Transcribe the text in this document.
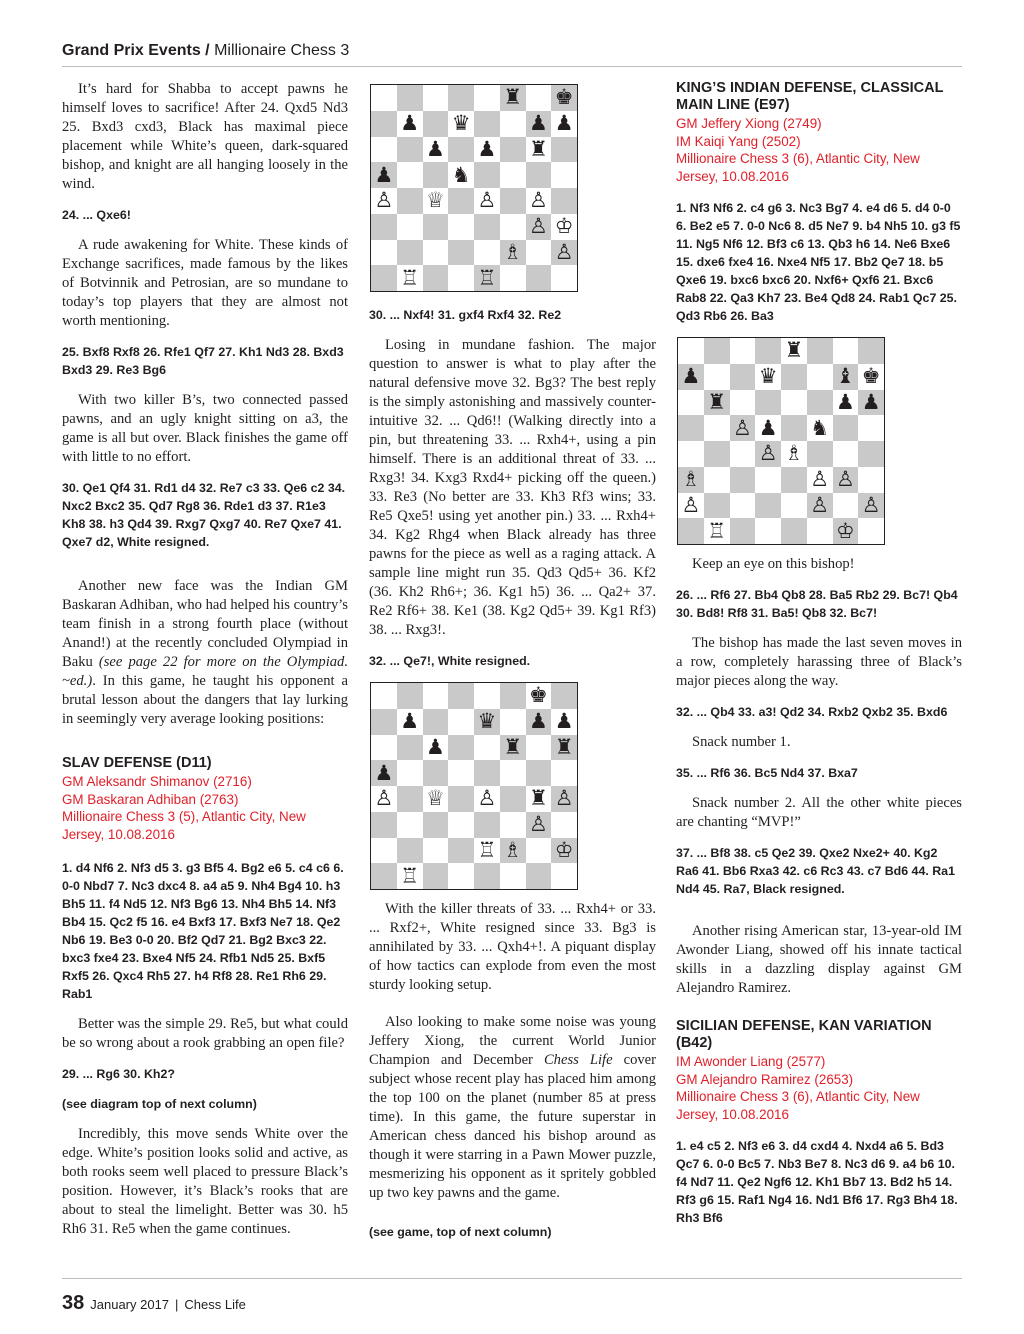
Grand Prix Events / Millionaire Chess 3

It’s hard for Shabba to accept pawns he himself loves to sacrifice! After 24. Qxd5 Nd3 25. Bxd3 cxd3, Black has maximal piece placement while White’s queen, dark-squared bishop, and knight are all hanging loosely in the wind.

24. ... Qxe6!

A rude awakening for White. These kinds of Exchange sacrifices, made famous by the likes of Botvinnik and Petrosian, are so mundane to today’s top players that they are almost not worth mentioning.

25. Bxf8 Rxf8 26. Rfe1 Qf7 27. Kh1 Nd3 28. Bxd3 Bxd3 29. Re3 Bg6

With two killer B’s, two connected passed pawns, and an ugly knight sitting on a3, the game is all but over. Black finishes the game off with little to no effort.

30. Qe1 Qf4 31. Rd1 d4 32. Re7 c3 33. Qe6 c2 34. Nxc2 Bxc2 35. Qd7 Rg8 36. Rde1 d3 37. R1e3 Kh8 38. h3 Qd4 39. Rxg7 Qxg7 40. Re7 Qxe7 41. Qxe7 d2, White resigned.

Another new face was the Indian GM Baskaran Adhiban, who had helped his country’s team finish in a strong fourth place (without Anand!) at the recently concluded Olympiad in Baku (see page 22 for more on the Olympiad. ~ed.). In this game, he taught his opponent a brutal lesson about the dangers that lay lurking in seemingly very average looking positions:

SLAV DEFENSE (D11)

GM Aleksandr Shimanov (2716)
GM Baskaran Adhiban (2763)
Millionaire Chess 3 (5), Atlantic City, New Jersey, 10.08.2016

1. d4 Nf6 2. Nf3 d5 3. g3 Bf5 4. Bg2 e6 5. c4 c6 6. 0-0 Nbd7 7. Nc3 dxc4 8. a4 a5 9. Nh4 Bg4 10. h3 Bh5 11. f4 Nd5 12. Nf3 Bg6 13. Nh4 Bh5 14. Nf3 Bb4 15. Qc2 f5 16. e4 Bxf3 17. Bxf3 Ne7 18. Qe2 Nb6 19. Be3 0-0 20. Bf2 Qd7 21. Bg2 Bxc3 22. bxc3 fxe4 23. Bxe4 Nf5 24. Rfb1 Nd5 25. Bxf5 Rxf5 26. Qxc4 Rh5 27. h4 Rf8 28. Re1 Rh6 29. Rab1

Better was the simple 29. Re5, but what could be so wrong about a rook grabbing an open file?

29. ... Rg6 30. Kh2?

(see diagram top of next column)

Incredibly, this move sends White over the edge. White’s position looks solid and active, as both rooks seem well placed to pressure Black’s position. However, it’s Black’s rooks that are about to steal the limelight. Better was 30. h5 Rh6 31. Re5 when the game continues.

♜ ♚
♟ ♛	♟ ♟
♟ ♟ ♜
♟	♞
♙ ♕ ♙ ♙
♙ ♔
♗ ♙
♖	♖

30. ... Nxf4! 31. gxf4 Rxf4 32. Re2

Losing in mundane fashion. The major question to answer is what to play after the natural defensive move 32. Bg3? The best reply is the simply astonishing and massively counter-intuitive 32. ... Qd6!! (Walking directly into a pin, but threatening 33. ... Rxh4+, using a pin himself. There is an additional threat of 33. ... Rxg3! 34. Kxg3 Rxd4+ picking off the queen.) 33. Re3 (No better are 33. Kh3 Rf3 wins; 33. Re5 Qxe5! using yet another pin.) 33. ... Rxh4+ 34. Kg2 Rhg4 when Black already has three pawns for the piece as well as a raging attack. A sample line might run 35. Qd3 Qd5+ 36. Kf2 (36. Kh2 Rh6+; 36. Kg1 h5) 36. ... Qa2+ 37. Re2 Rf6+ 38. Ke1 (38. Kg2 Qd5+ 39. Kg1 Rf3) 38. ... Rxg3!.

32. ... Qe7!, White resigned.

♚
♟	♛ ♟ ♟
♟	♜ ♜
♟
♙ ♕ ♙ ♜ ♙
♙
♖ ♗ ♔
♖

With the killer threats of 33. ... Rxh4+ or 33. ... Rxf2+, White resigned since 33. Bg3 is annihilated by 33. ... Qxh4+!. A piquant display of how tactics can explode from even the most sturdy looking setup.

Also looking to make some noise was young Jeffery Xiong, the current World Junior Champion and December Chess Life cover subject whose recent play has placed him among the top 100 on the planet (number 85 at press time). In this game, the future superstar in American chess danced his bishop around as though it were starring in a Pawn Mower puzzle, mesmerizing his opponent as it spritely gobbled up two key pawns and the game.

(see game, top of next column)

KING’S INDIAN DEFENSE, CLASSICAL MAIN LINE (E97)

GM Jeffery Xiong (2749)
IM Kaiqi Yang (2502)
Millionaire Chess 3 (6), Atlantic City, New Jersey, 10.08.2016

1. Nf3 Nf6 2. c4 g6 3. Nc3 Bg7 4. e4 d6 5. d4 0-0 6. Be2 e5 7. 0-0 Nc6 8. d5 Ne7 9. b4 Nh5 10. g3 f5 11. Ng5 Nf6 12. Bf3 c6 13. Qb3 h6 14. Ne6 Bxe6 15. dxe6 fxe4 16. Nxe4 Nf5 17. Bb2 Qe7 18. b5 Qxe6 19. bxc6 bxc6 20. Nxf6+ Qxf6 21. Bxc6 Rab8 22. Qa3 Kh7 23. Be4 Qd8 24. Rab1 Qc7 25. Qd3 Rb6 26. Ba3

♜
♟	♛	♝ ♚
♜	♟ ♟
♙ ♟ ♞
♙ ♗
♗	♙ ♙
♙	♙ ♙
♖	♔

Keep an eye on this bishop!

26. ... Rf6 27. Bb4 Qb8 28. Ba5 Rb2 29. Bc7! Qb4 30. Bd8! Rf8 31. Ba5! Qb8 32. Bc7!

The bishop has made the last seven moves in a row, completely harassing three of Black’s major pieces along the way.

32. ... Qb4 33. a3! Qd2 34. Rxb2 Qxb2 35. Bxd6

Snack number 1.

35. ... Rf6 36. Bc5 Nd4 37. Bxa7

Snack number 2. All the other white pieces are chanting “MVP!”

37. ... Bf8 38. c5 Qe2 39. Qxe2 Nxe2+ 40. Kg2 Ra6 41. Bb6 Rxa3 42. c6 Rc3 43. c7 Bd6 44. Ra1 Nd4 45. Ra7, Black resigned.

Another rising American star, 13-year-old IM Awonder Liang, showed off his innate tactical skills in a dazzling display against GM Alejandro Ramirez.

SICILIAN DEFENSE, KAN VARIATION (B42)

IM Awonder Liang (2577)
GM Alejandro Ramirez (2653)
Millionaire Chess 3 (6), Atlantic City, New Jersey, 10.08.2016

1. e4 c5 2. Nf3 e6 3. d4 cxd4 4. Nxd4 a6 5. Bd3 Qc7 6. 0-0 Bc5 7. Nb3 Be7 8. Nc3 d6 9. a4 b6 10. f4 Nd7 11. Qe2 Ngf6 12. Kh1 Bb7 13. Bd2 h5 14. Rf3 g6 15. Raf1 Ng4 16. Nd1 Bf6 17. Rg3 Bh4 18. Rh3 Bf6

38 January 2017 | Chess Life
